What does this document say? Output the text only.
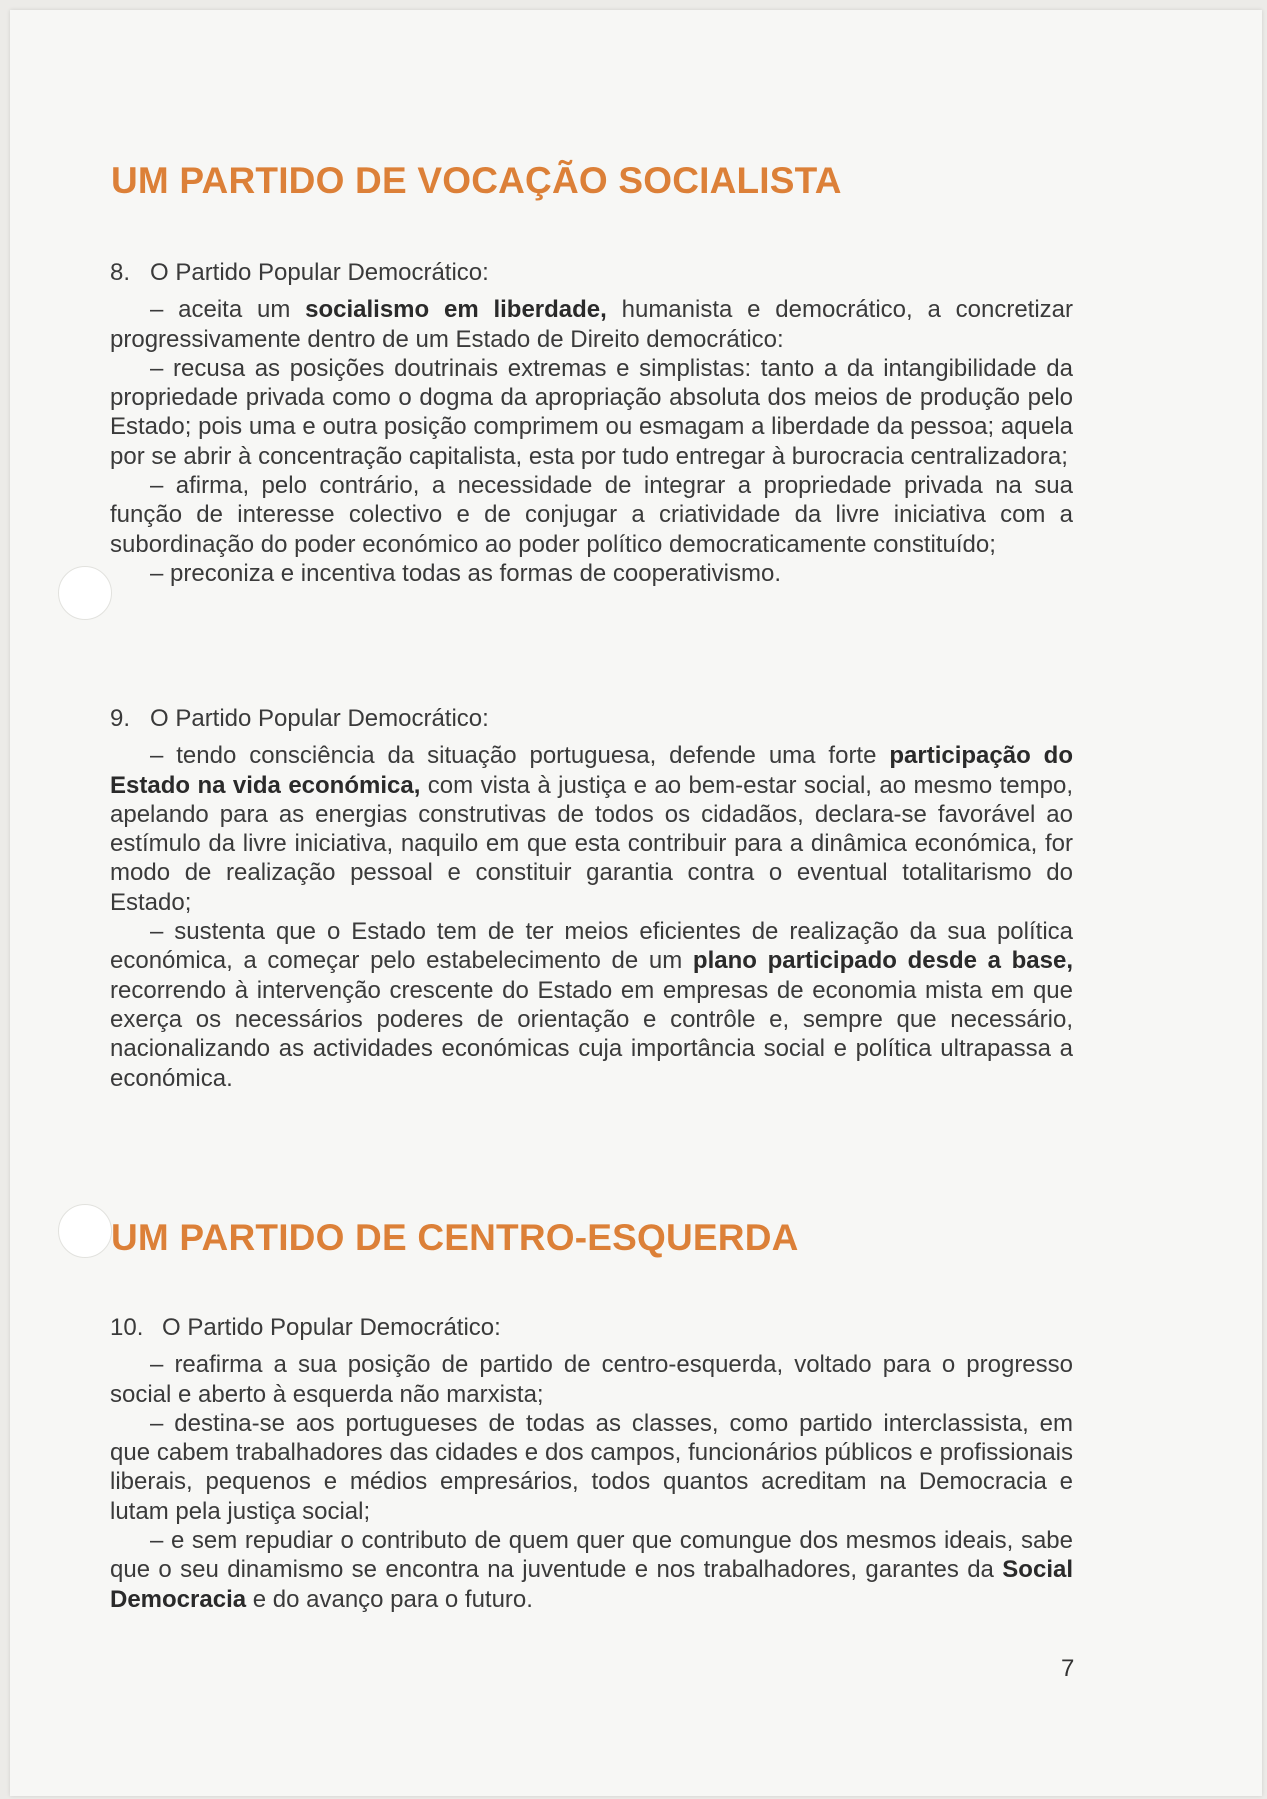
UM PARTIDO DE VOCAÇÃO SOCIALISTA
8. O Partido Popular Democrático:

– aceita um socialismo em liberdade, humanista e democrático, a concretizar progressivamente dentro de um Estado de Direito democrático:

– recusa as posições doutrinais extremas e simplistas: tanto a da intangibilidade da propriedade privada como o dogma da apropriação absoluta dos meios de produção pelo Estado; pois uma e outra posição comprimem ou esmagam a liberdade da pessoa; aquela por se abrir à concentração capitalista, esta por tudo entregar à burocracia centralizadora;

– afirma, pelo contrário, a necessidade de integrar a propriedade privada na sua função de interesse colectivo e de conjugar a criatividade da livre iniciativa com a subordinação do poder económico ao poder político democraticamente constituído;

– preconiza e incentiva todas as formas de cooperativismo.

9. O Partido Popular Democrático:

– tendo consciência da situação portuguesa, defende uma forte participação do Estado na vida económica, com vista à justiça e ao bem-estar social, ao mesmo tempo, apelando para as energias construtivas de todos os cidadãos, declara-se favorável ao estímulo da livre iniciativa, naquilo em que esta contribuir para a dinâmica económica, for modo de realização pessoal e constituir garantia contra o eventual totalitarismo do Estado;

– sustenta que o Estado tem de ter meios eficientes de realização da sua política económica, a começar pelo estabelecimento de um plano participado desde a base, recorrendo à intervenção crescente do Estado em empresas de economia mista em que exerça os necessários poderes de orientação e contrôle e, sempre que necessário, nacionalizando as actividades económicas cuja importância social e política ultrapassa a económica.

UM PARTIDO DE CENTRO-ESQUERDA
10. O Partido Popular Democrático:

– reafirma a sua posição de partido de centro-esquerda, voltado para o progresso social e aberto à esquerda não marxista;

– destina-se aos portugueses de todas as classes, como partido interclassista, em que cabem trabalhadores das cidades e dos campos, funcionários públicos e profissionais liberais, pequenos e médios empresários, todos quantos acreditam na Democracia e lutam pela justiça social;

– e sem repudiar o contributo de quem quer que comungue dos mesmos ideais, sabe que o seu dinamismo se encontra na juventude e nos trabalhadores, garantes da Social Democracia e do avanço para o futuro.

7
